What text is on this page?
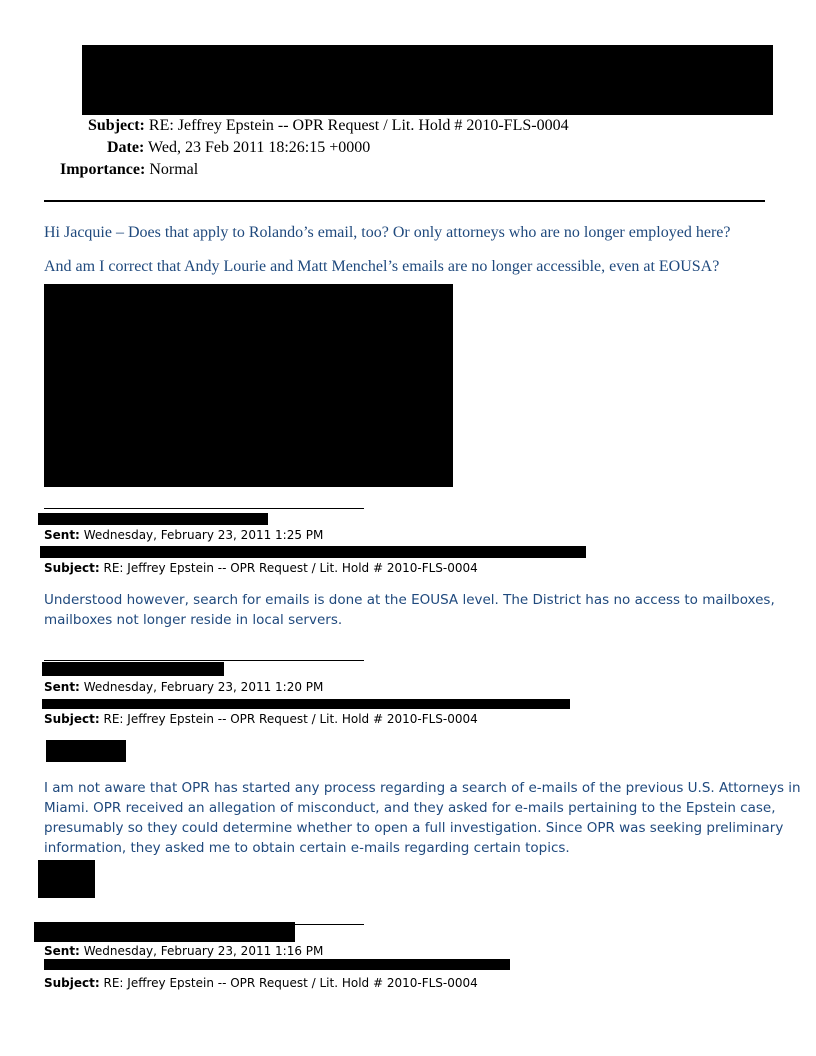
Subject: RE: Jeffrey Epstein -- OPR Request / Lit. Hold # 2010-FLS-0004
Date: Wed, 23 Feb 2011 18:26:15 +0000
Importance: Normal
Hi Jacquie – Does that apply to Rolando’s email, too? Or only attorneys who are no longer employed here?
And am I correct that Andy Lourie and Matt Menchel’s emails are no longer accessible, even at EOUSA?
Sent: Wednesday, February 23, 2011 1:25 PM
Subject: RE: Jeffrey Epstein -- OPR Request / Lit. Hold # 2010-FLS-0004
Understood however, search for emails is done at the EOUSA level. The District has no access to mailboxes,
mailboxes not longer reside in local servers.
Sent: Wednesday, February 23, 2011 1:20 PM
Subject: RE: Jeffrey Epstein -- OPR Request / Lit. Hold # 2010-FLS-0004
I am not aware that OPR has started any process regarding a search of e-mails of the previous U.S. Attorneys in
Miami. OPR received an allegation of misconduct, and they asked for e-mails pertaining to the Epstein case,
presumably so they could determine whether to open a full investigation. Since OPR was seeking preliminary
information, they asked me to obtain certain e-mails regarding certain topics.
Sent: Wednesday, February 23, 2011 1:16 PM
Subject: RE: Jeffrey Epstein -- OPR Request / Lit. Hold # 2010-FLS-0004
